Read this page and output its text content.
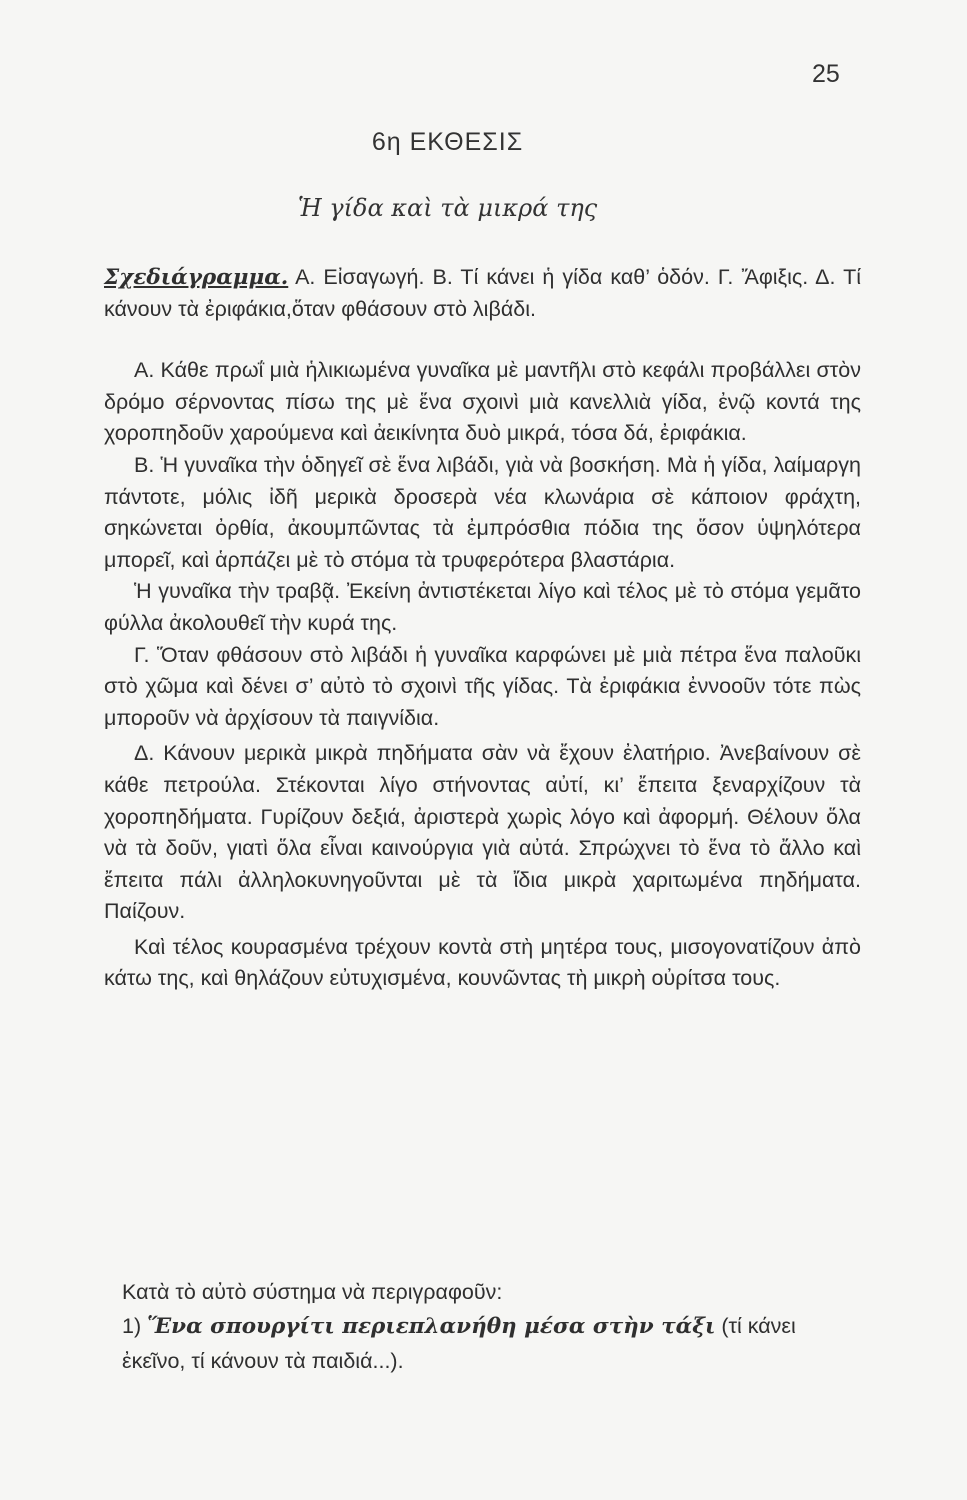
25
6η ΕΚΘΕΣΙΣ
Ἡ γίδα καὶ τὰ μικρά της

Σχεδιάγραμμα. Α. Εἰσαγωγή. Β. Τί κάνει ἡ γίδα καθ’ ὁδόν. Γ. Ἄφιξις. Δ. Τί κάνουν τὰ ἐριφάκια,ὅταν φθάσουν στὸ λιβάδι.

Α. Κάθε πρωΐ μιὰ ἡλικιωμένα γυναῖκα μὲ μαντῆλι στὸ κεφάλι προβάλλει στὸν δρόμο σέρνοντας πίσω της μὲ ἕνα σχοινὶ μιὰ κανελλιὰ γίδα, ἐνῷ κοντά της χοροπηδοῦν χαρούμενα καὶ ἀεικίνητα δυὸ μικρά, τόσα δά, ἐριφάκια.

Β. Ἡ γυναῖκα τὴν ὁδηγεῖ σὲ ἕνα λιβάδι, γιὰ νὰ βοσκήση. Μὰ ἡ γίδα, λαίμαργη πάντοτε, μόλις ἰδῆ μερικὰ δροσερὰ νέα κλωνάρια σὲ κάποιον φράχτη, σηκώνεται ὀρθία, ἀκουμπῶντας τὰ ἐμπρόσθια πόδια της ὅσον ὑψηλότερα μπορεῖ, καὶ ἁρπάζει μὲ τὸ στόμα τὰ τρυφερότερα βλαστάρια.

Ἡ γυναῖκα τὴν τραβᾷ. Ἐκείνη ἀντιστέκεται λίγο καὶ τέλος μὲ τὸ στόμα γεμᾶτο φύλλα ἀκολουθεῖ τὴν κυρά της.

Γ. Ὅταν φθάσουν στὸ λιβάδι ἡ γυναῖκα καρφώνει μὲ μιὰ πέτρα ἕνα παλοῦκι στὸ χῶμα καὶ δένει σ’ αὐτὸ τὸ σχοινὶ τῆς γίδας. Τὰ ἐριφάκια ἐννοοῦν τότε πὼς μποροῦν νὰ ἀρχίσουν τὰ παιγνίδια.

Δ. Κάνουν μερικὰ μικρὰ πηδήματα σὰν νὰ ἔχουν ἐλατήριο. Ἀνεβαίνουν σὲ κάθε πετρούλα. Στέκονται λίγο στήνοντας αὐτί, κι’ ἔπειτα ξεναρχίζουν τὰ χοροπηδήματα. Γυρίζουν δεξιά, ἀριστερὰ χωρὶς λόγο καὶ ἀφορμή. Θέλουν ὅλα νὰ τὰ δοῦν, γιατὶ ὅλα εἶναι καινούργια γιὰ αὐτά. Σπρώχνει τὸ ἕνα τὸ ἄλλο καὶ ἔπειτα πάλι ἀλληλοκυνηγοῦνται μὲ τὰ ἴδια μικρὰ χαριτωμένα πηδήματα. Παίζουν.

Καὶ τέλος κουρασμένα τρέχουν κοντὰ στὴ μητέρα τους, μισογονατίζουν ἀπὸ κάτω της, καὶ θηλάζουν εὐτυχισμένα, κουνῶντας τὴ μικρὴ οὐρίτσα τους.

Κατὰ τὸ αὐτὸ σύστημα νὰ περιγραφοῦν:

1) Ἕνα σπουργίτι περιεπλανήθη μέσα στὴν τάξι (τί κάνει ἐκεῖνο, τί κάνουν τὰ παιδιά...).
